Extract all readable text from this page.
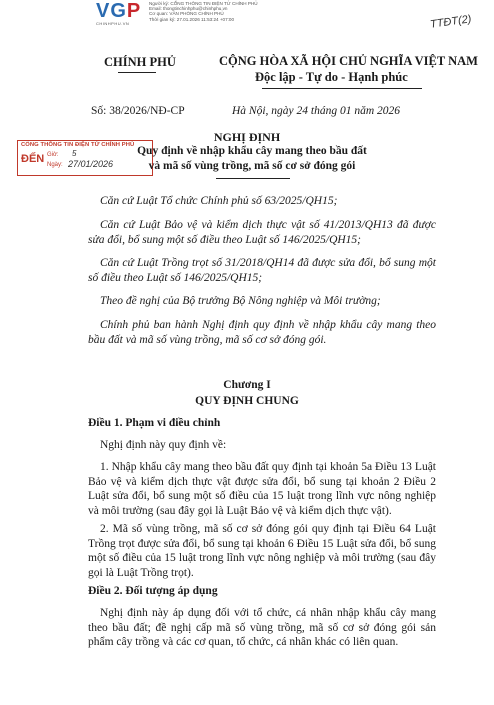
VGP
CHINHPHU.VN
Người ký: CỔNG THÔNG TIN ĐIỆN TỬ CHÍNH PHỦ
Email: thongtinchinhphu@chinhphu.vn
Cơ quan: VĂN PHÒNG CHÍNH PHỦ
Thời gian ký: 27.01.2026 11:53:24 +07:00	TTĐT(2)
CHÍNH PHỦ	CỘNG HÒA XÃ HỘI CHỦ NGHĨA VIỆT NAM
Độc lập - Tự do - Hạnh phúc
Số: 38/2026/NĐ-CP	Hà Nội, ngày 24 tháng 01 năm 2026
CỔNG THÔNG TIN ĐIỆN TỬ CHÍNH PHỦ
ĐẾN Giờ: 5
Ngày: 27/01/2026
NGHỊ ĐỊNH
Quy định về nhập khẩu cây mang theo bầu đất
và mã số vùng trồng, mã số cơ sở đóng gói
Căn cứ Luật Tổ chức Chính phủ số 63/2025/QH15;
Căn cứ Luật Bảo vệ và kiểm dịch thực vật số 41/2013/QH13 đã được sửa đổi, bổ sung một số điều theo Luật số 146/2025/QH15;
Căn cứ Luật Trồng trọt số 31/2018/QH14 đã được sửa đổi, bổ sung một số điều theo Luật số 146/2025/QH15;
Theo đề nghị của Bộ trưởng Bộ Nông nghiệp và Môi trường;
Chính phủ ban hành Nghị định quy định về nhập khẩu cây mang theo bầu đất và mã số vùng trồng, mã số cơ sở đóng gói.
Chương I
QUY ĐỊNH CHUNG
Điều 1. Phạm vi điều chỉnh
Nghị định này quy định về:
1. Nhập khẩu cây mang theo bầu đất quy định tại khoản 5a Điều 13 Luật Bảo vệ và kiểm dịch thực vật được sửa đổi, bổ sung tại khoản 2 Điều 2 Luật sửa đổi, bổ sung một số điều của 15 luật trong lĩnh vực nông nghiệp và môi trường (sau đây gọi là Luật Bảo vệ và kiểm dịch thực vật).
2. Mã số vùng trồng, mã số cơ sở đóng gói quy định tại Điều 64 Luật Trồng trọt được sửa đổi, bổ sung tại khoản 6 Điều 15 Luật sửa đổi, bổ sung một số điều của 15 luật trong lĩnh vực nông nghiệp và môi trường (sau đây gọi là Luật Trồng trọt).
Điều 2. Đối tượng áp dụng
Nghị định này áp dụng đối với tổ chức, cá nhân nhập khẩu cây mang theo bầu đất; đề nghị cấp mã số vùng trồng, mã số cơ sở đóng gói sản phẩm cây trồng và các cơ quan, tổ chức, cá nhân khác có liên quan.
